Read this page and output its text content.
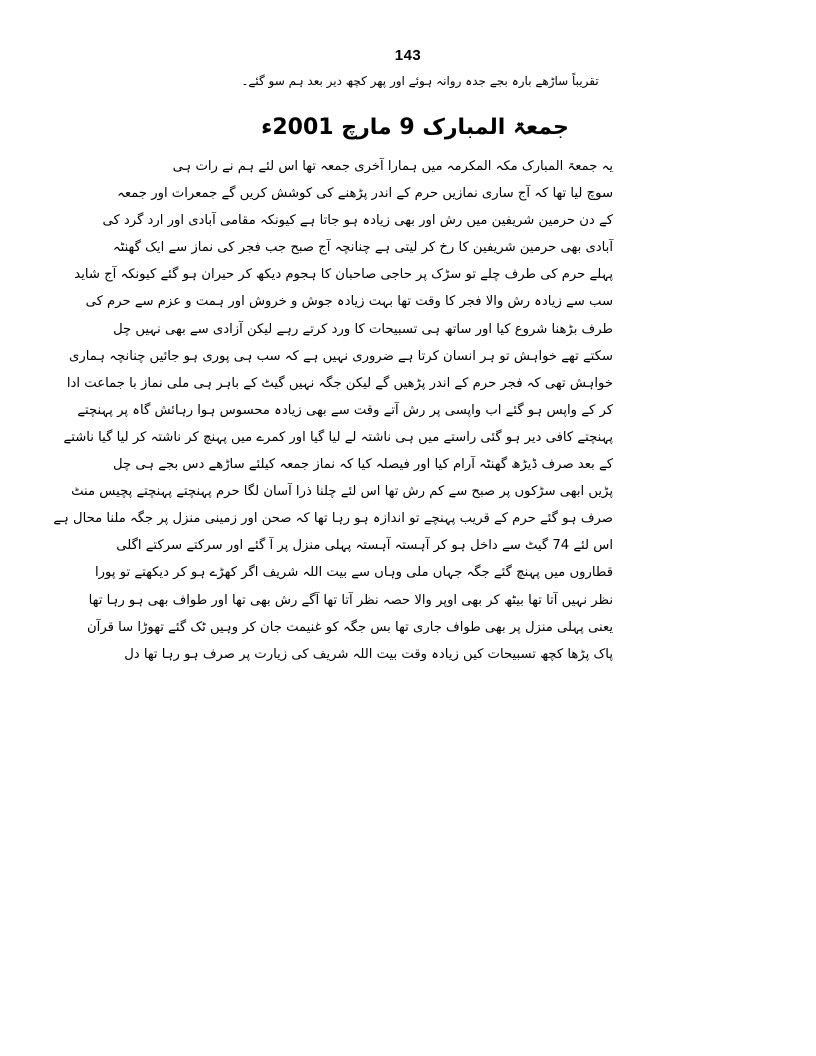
143
تقریباً ساڑھے بارہ بجے جدہ روانہ ہوئے اور پھر کچھ دیر بعد ہم سو گئے۔
جمعۃ المبارک 9 مارچ 2001ء
یہ جمعۃ المبارک مکہ المکرمہ میں ہمارا آخری جمعہ تھا اس لئے ہم نے رات ہی
سوچ لیا تھا کہ آج ساری نمازیں حرم کے اندر پڑھنے کی کوشش کریں گے جمعرات اور جمعہ
کے دن حرمین شریفین میں رش اور بھی زیادہ ہو جاتا ہے کیونکہ مقامی آبادی اور ارد گرد کی
آبادی بھی حرمین شریفین کا رخ کر لیتی ہے چنانچہ آج صبح جب فجر کی نماز سے ایک گھنٹہ
پہلے حرم کی طرف چلے تو سڑک پر حاجی صاحبان کا ہجوم دیکھ کر حیران ہو گئے کیونکہ آج شاید
سب سے زیادہ رش والا فجر کا وقت تھا بہت زیادہ جوش و خروش اور ہمت و عزم سے حرم کی
طرف بڑھنا شروع کیا اور ساتھ ہی تسبیحات کا ورد کرتے رہے لیکن آزادی سے بھی نہیں چل
سکتے تھے خواہش تو ہر انسان کرتا ہے ضروری نہیں ہے کہ سب ہی پوری ہو جائیں چنانچہ ہماری
خواہش تھی کہ فجر حرم کے اندر پڑھیں گے لیکن جگہ نہیں گیٹ کے باہر ہی ملی نماز با جماعت ادا
کر کے واپس ہو گئے اب واپسی پر رش آتے وقت سے بھی زیادہ محسوس ہوا رہائش گاہ پر پہنچتے
پہنچتے کافی دیر ہو گئی راستے میں ہی ناشتہ لے لیا گیا اور کمرے میں پہنچ کر ناشتہ کر لیا گیا ناشتے
کے بعد صرف ڈیڑھ گھنٹہ آرام کیا اور فیصلہ کیا کہ نماز جمعہ کیلئے ساڑھے دس بجے ہی چل
پڑیں ابھی سڑکوں پر صبح سے کم رش تھا اس لئے چلنا ذرا آسان لگا حرم پہنچتے پہنچتے پچیس منٹ
صرف ہو گئے حرم کے قریب پہنچے تو اندازہ ہو رہا تھا کہ صحن اور زمینی منزل پر جگہ ملنا محال ہے
اس لئے 74 گیٹ سے داخل ہو کر آہستہ آہستہ پہلی منزل پر آ گئے اور سرکتے سرکتے اگلی
قطاروں میں پہنچ گئے جگہ جہاں ملی وہاں سے بیت اللہ شریف اگر کھڑے ہو کر دیکھتے تو پورا
نظر نہیں آتا تھا بیٹھ کر بھی اوپر والا حصہ نظر آتا تھا آگے رش بھی تھا اور طواف بھی ہو رہا تھا
یعنی پہلی منزل پر بھی طواف جاری تھا بس جگہ کو غنیمت جان کر وہیں ٹک گئے تھوڑا سا قرآن
پاک پڑھا کچھ تسبیحات کیں زیادہ وقت بیت اللہ شریف کی زیارت پر صرف ہو رہا تھا دل
